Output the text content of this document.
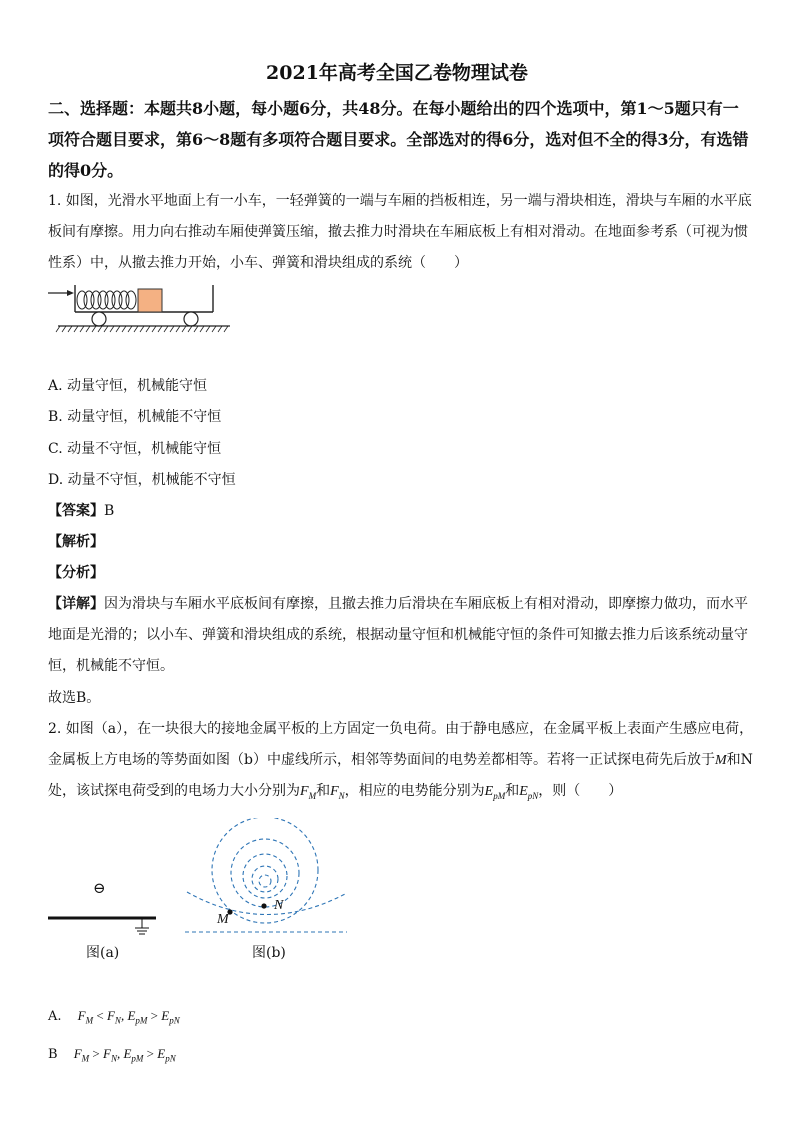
2021年高考全国乙卷物理试卷
二、选择题：本题共8小题，每小题6分，共48分。在每小题给出的四个选项中，第1～5题只有一项符合题目要求，第6～8题有多项符合题目要求。全部选对的得6分，选对但不全的得3分，有选错的得0分。
1. 如图，光滑水平地面上有一小车，一轻弹簧的一端与车厢的挡板相连，另一端与滑块相连，滑块与车厢的水平底板间有摩擦。用力向右推动车厢使弹簧压缩，撤去推力时滑块在车厢底板上有相对滑动。在地面参考系（可视为惯性系）中，从撤去推力开始，小车、弹簧和滑块组成的系统（　　）
A. 动量守恒，机械能守恒
B. 动量守恒，机械能不守恒
C. 动量不守恒，机械能守恒
D. 动量不守恒，机械能不守恒
【答案】B
【解析】
【分析】
【详解】因为滑块与车厢水平底板间有摩擦，且撤去推力后滑块在车厢底板上有相对滑动，即摩擦力做功，而水平地面是光滑的；以小车、弹簧和滑块组成的系统，根据动量守恒和机械能守恒的条件可知撤去推力后该系统动量守恒，机械能不守恒。
故选B。
2. 如图（a），在一块很大的接地金属平板的上方固定一负电荷。由于静电感应，在金属平板上表面产生感应电荷，金属板上方电场的等势面如图（b）中虚线所示，相邻等势面间的电势差都相等。若将一正试探电荷先后放于M和N处，该试探电荷受到的电场力大小分别为$F_M$和$F_N$，相应的电势能分别为$E_{pM}$和$E_{pN}$，则（　　）
⊖
图(a)
M
N
图(b)
A. $F_M < F_N$, $E_{pM} > E_{pN}$
B $F_M > F_N$, $E_{pM} > E_{pN}$
